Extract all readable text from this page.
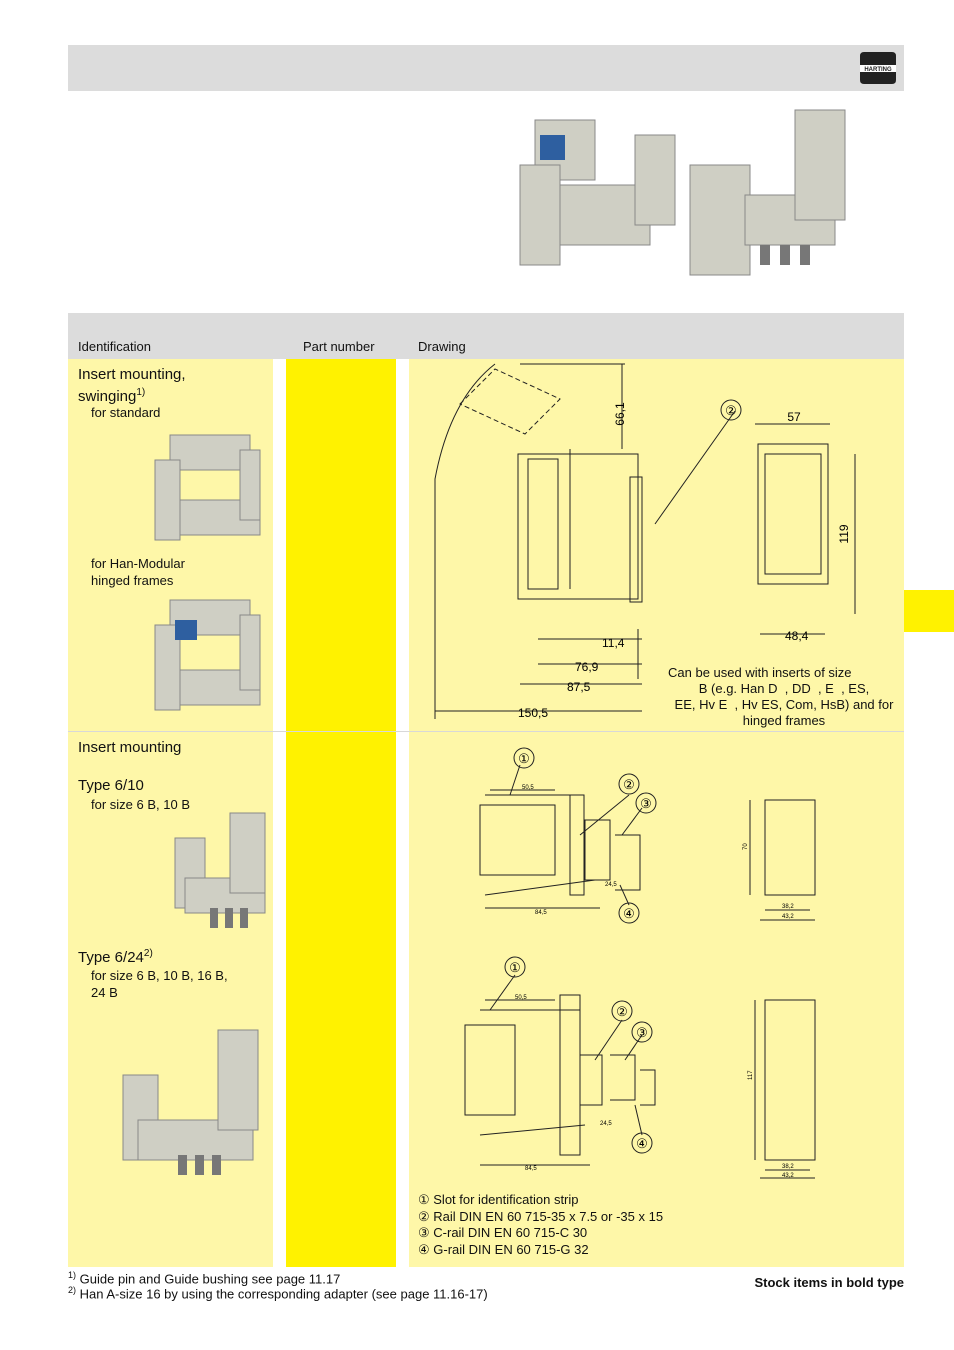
HARTING
Identification	Part number	Drawing
Insert mounting,
swinging$^{1)}$
for standard
for Han-Modular
hinged frames
②
66,1	57
119
11,4	48,4
76,9
87,5
150,5
Can be used with inserts of size
B (e.g. Han D  , DD  , E  , ES,
EE, Hv E  , Hv ES, Com, HsB) and for
hinged frames
Insert mounting
Type 6/10
for size 6 B, 10 B
Type 6/24$^{2)}$
for size 6 B, 10 B, 16 B,
24 B
①
②
③
④
50,5
70
24,5
84,5
38,2
43,2
①
②
③
④
50,5
117
24,5
84,5	38,2
43,2
① Slot for identification strip
② Rail DIN EN 60 715-35 x 7.5 or -35 x 15
③ C-rail DIN EN 60 715-C 30
④ G-rail DIN EN 60 715-G 32
$^{1)}$ Guide pin and Guide bushing see page 11.17
$^{2)}$ Han A-size 16 by using the corresponding adapter (see page 11.16-17)
Stock items in bold type
